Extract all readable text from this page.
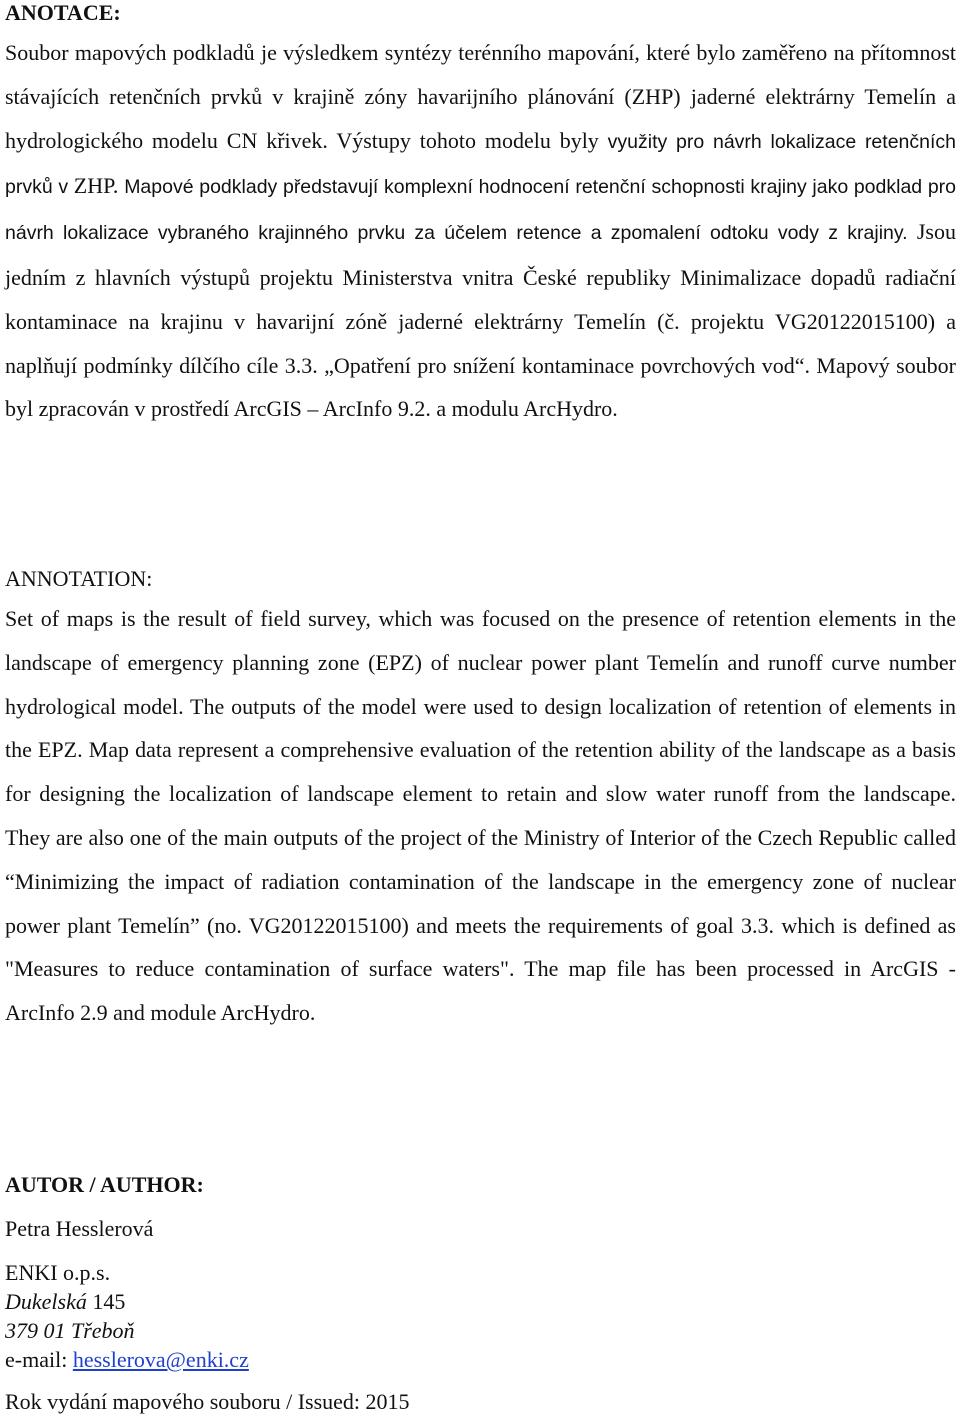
ANOTACE:

Soubor mapových podkladů je výsledkem syntézy terénního mapování, které bylo zaměřeno na přítomnost stávajících retenčních prvků v krajině zóny havarijního plánování (ZHP) jaderné elektrárny Temelín a hydrologického modelu CN křivek. Výstupy tohoto modelu byly využity pro návrh lokalizace retenčních prvků v ZHP. Mapové podklady představují komplexní hodnocení retenční schopnosti krajiny jako podklad pro návrh lokalizace vybraného krajinného prvku za účelem retence a zpomalení odtoku vody z krajiny. Jsou jedním z hlavních výstupů projektu Ministerstva vnitra České republiky Minimalizace dopadů radiační kontaminace na krajinu v havarijní zóně jaderné elektrárny Temelín (č. projektu VG20122015100) a naplňují podmínky dílčího cíle 3.3. „Opatření pro snížení kontaminace povrchových vod“. Mapový soubor byl zpracován v prostředí ArcGIS – ArcInfo 9.2. a modulu ArcHydro.

ANNOTATION:

Set of maps is the result of field survey, which was focused on the presence of retention elements in the landscape of emergency planning zone (EPZ) of nuclear power plant Temelín and runoff curve number hydrological model. The outputs of the model were used to design localization of retention of elements in the EPZ. Map data represent a comprehensive evaluation of the retention ability of the landscape as a basis for designing the localization of landscape element to retain and slow water runoff from the landscape. They are also one of the main outputs of the project of the Ministry of Interior of the Czech Republic called “Minimizing the impact of radiation contamination of the landscape in the emergency zone of nuclear power plant Temelín” (no. VG20122015100) and meets the requirements of goal 3.3. which is defined as "Measures to reduce contamination of surface waters". The map file has been processed in ArcGIS - ArcInfo 2.9 and module ArcHydro.

AUTOR / AUTHOR:
Petra Hesslerová
ENKI o.p.s.
Dukelská 145
379 01 Třeboň
e-mail: hesslerova@enki.cz
Rok vydání mapového souboru / Issued: 2015
